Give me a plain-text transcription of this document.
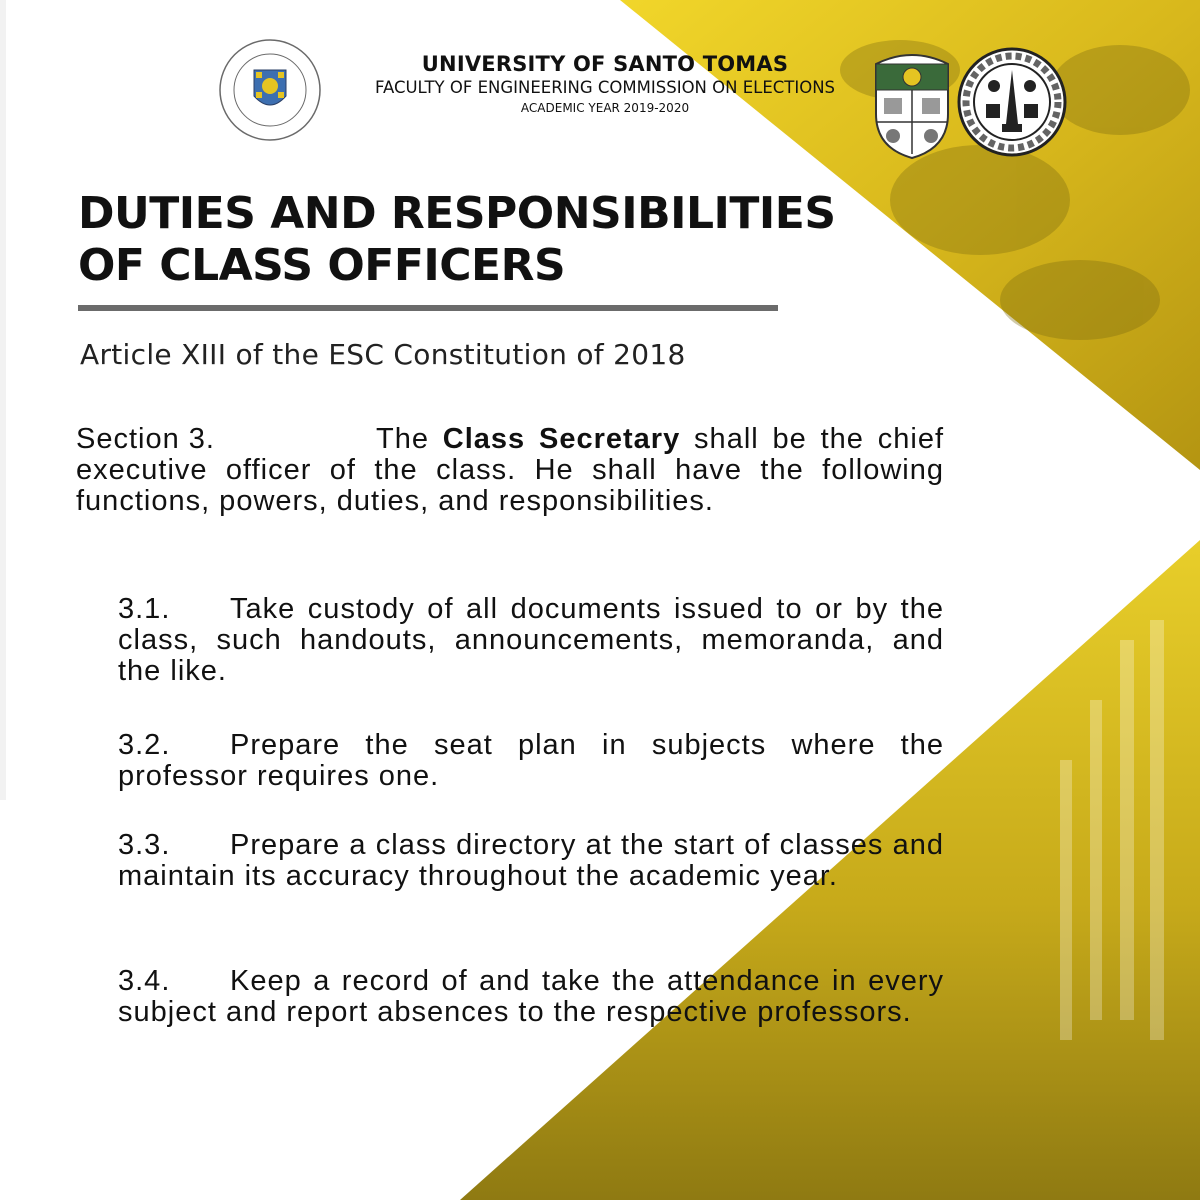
UNIVERSITY OF SANTO TOMAS
FACULTY OF ENGINEERING COMMISSION ON ELECTIONS
ACADEMIC YEAR 2019-2020
DUTIES AND RESPONSIBILITIES
OF CLASS OFFICERS
Article XIII of the ESC Constitution of 2018
Section 3.	The Class Secretary shall be the chief executive officer of the class. He shall have the following functions, powers, duties, and responsibilities.
3.1. Take custody of all documents issued to or by the class, such handouts, announcements, memoranda, and the like.
3.2. Prepare the seat plan in subjects where the professor requires one.
3.3. Prepare a class directory at the start of classes and maintain its accuracy throughout the academic year.
3.4. Keep a record of and take the attendance in every subject and report absences to the respective professors.
